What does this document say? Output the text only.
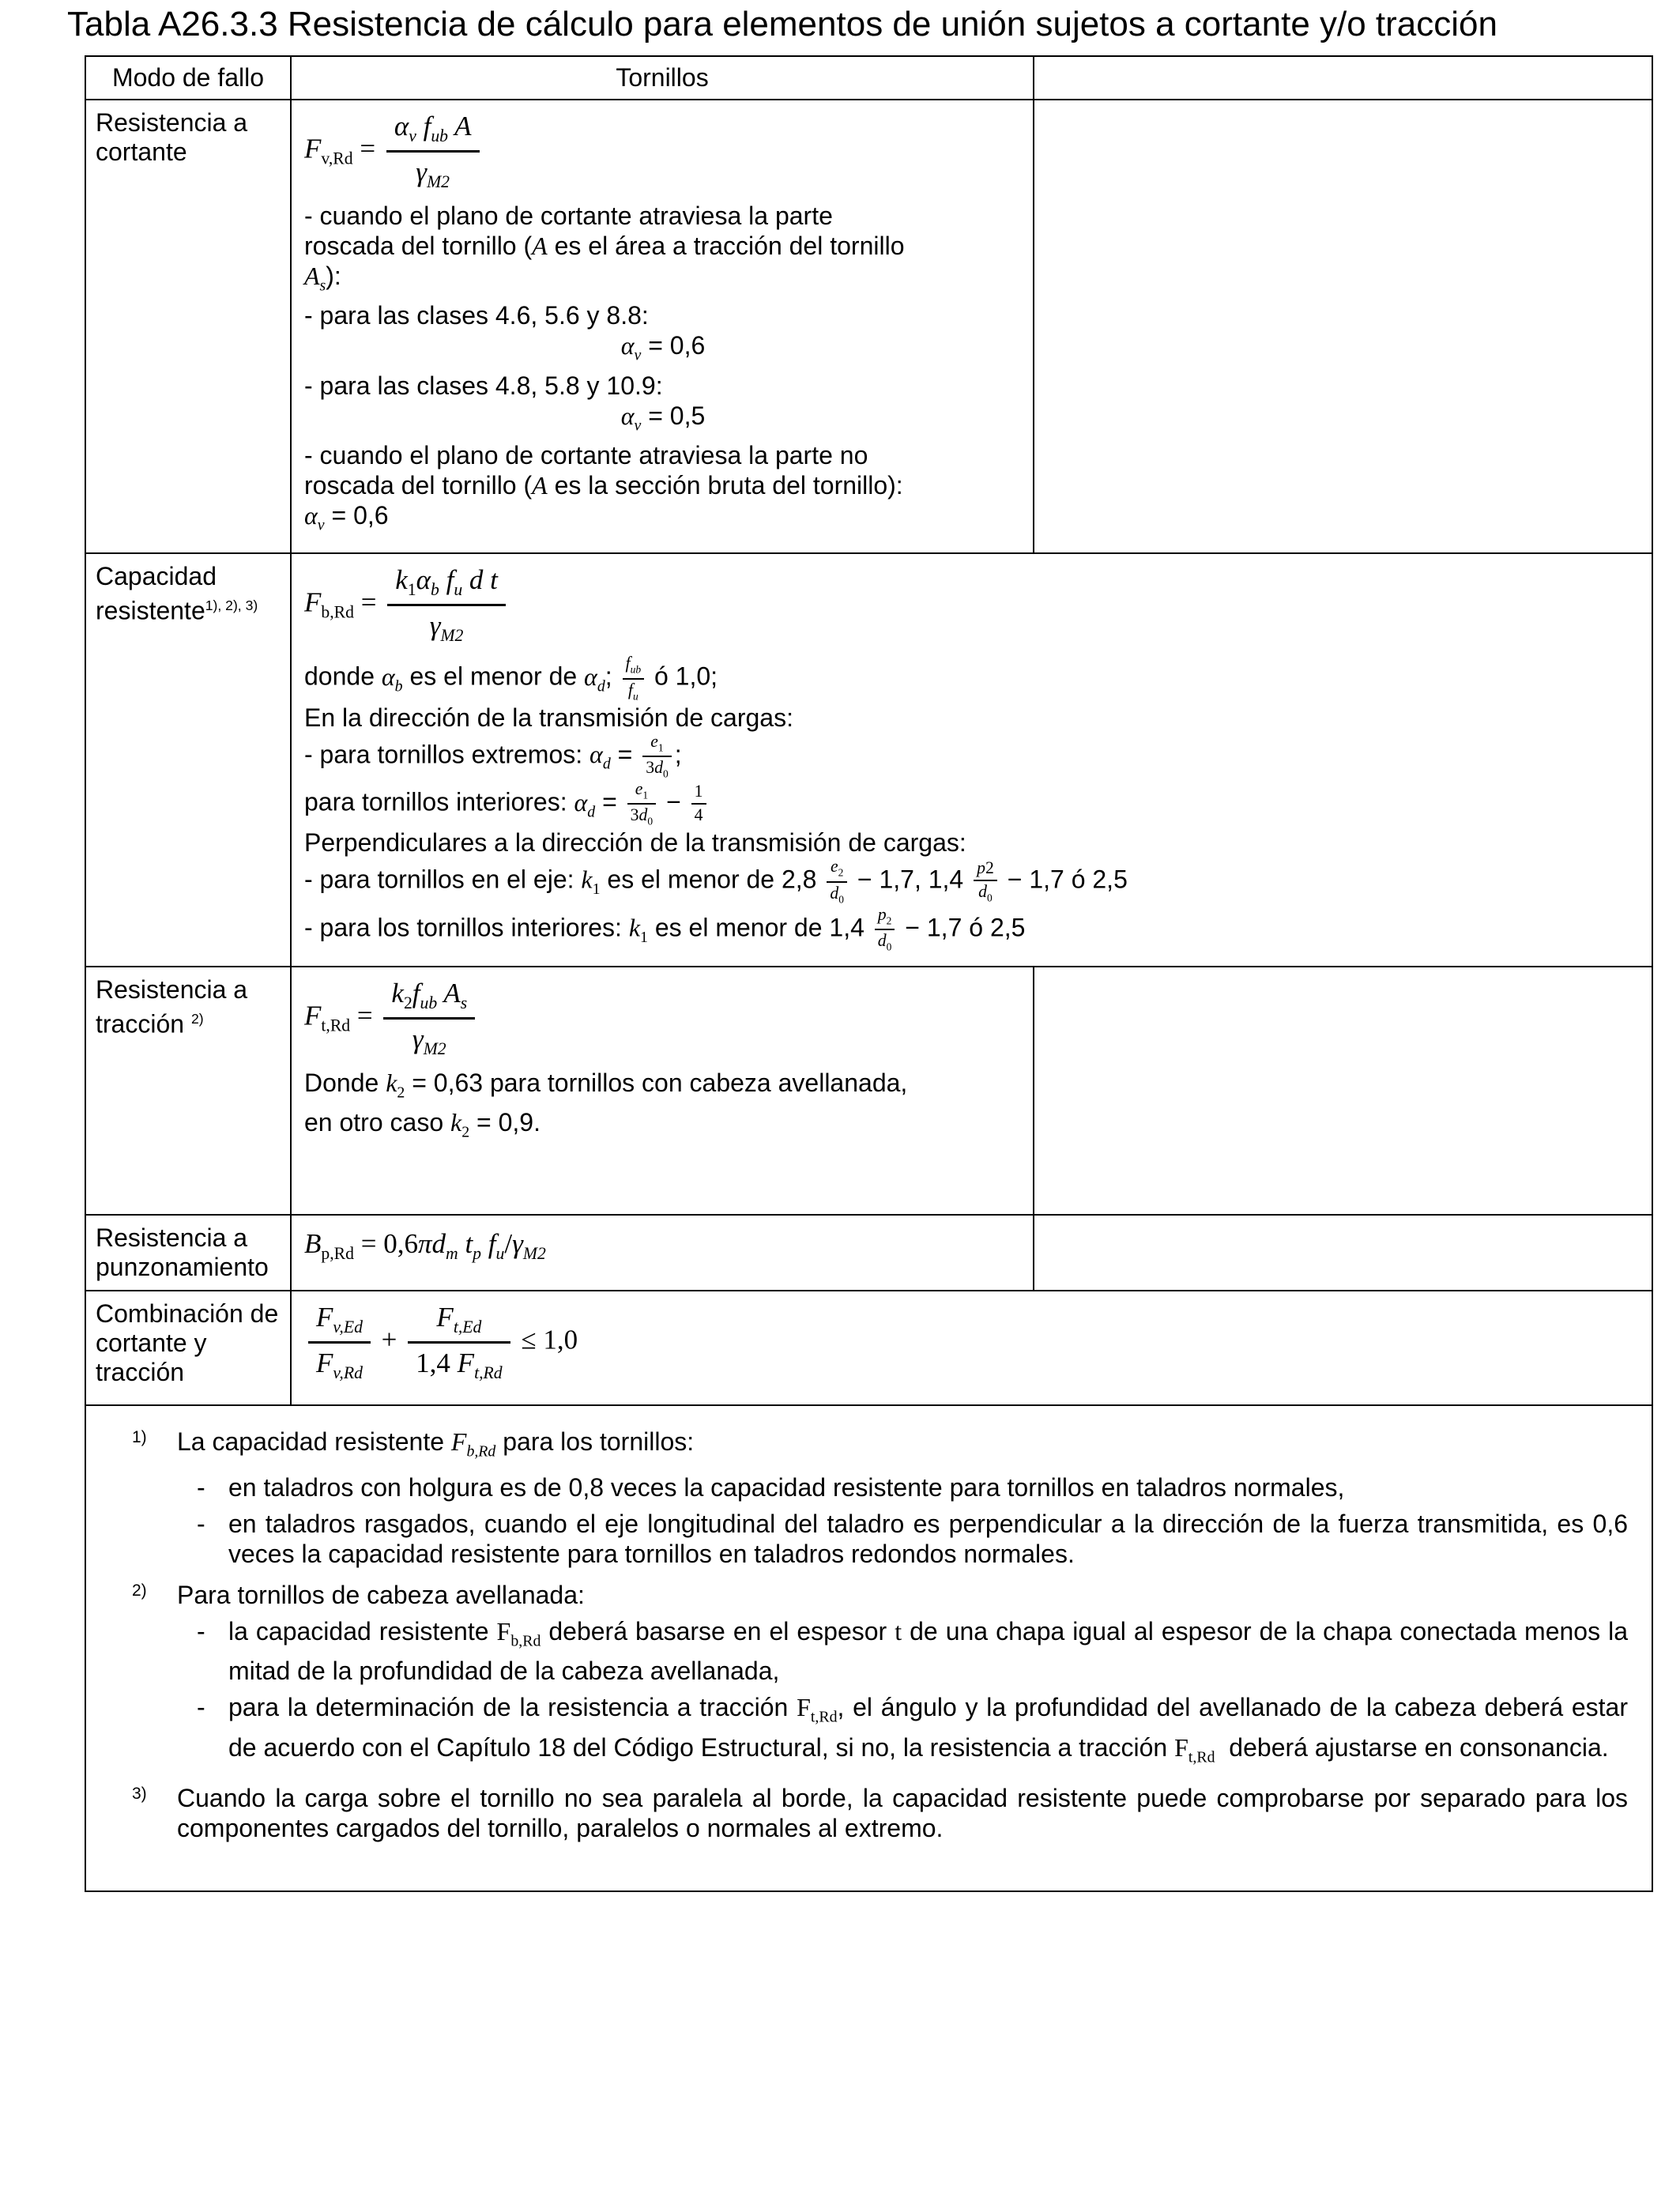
Tabla A26.3.3 Resistencia de cálculo para elementos de unión sujetos a cortante y/o tracción
Modo de fallo	Tornillos	
Resistencia a
cortante	$F_{v,Rd} = \frac{\alpha_v f_{ub} A}{\gamma_{M2}}$
- cuando el plano de cortante atraviesa la parte
roscada del tornillo (A es el área a tracción del tornillo
$A_s$):
- para las clases 4.6, 5.6 y 8.8:
$\alpha_v = 0,6$
- para las clases 4.8, 5.8 y 10.9:
$\alpha_v = 0,5$
- cuando el plano de cortante atraviesa la parte no
roscada del tornillo (A es la sección bruta del tornillo):
$\alpha_v = 0,6$

Capacidad
resistente$^{1), 2), 3)}$	$F_{b,Rd} = \frac{k_1\alpha_b f_u d t}{\gamma_{M2}}$
donde $\alpha_b$ es el menor de $\alpha_d$; $f_{ub}$
$f_u$
ó 1,0;
En la dirección de la transmisión de cargas:
- para tornillos extremos: $\alpha_d = \frac{e_1}{3d_0}$ ;
para tornillos interiores: $\alpha_d = \frac{e_1}{3d_0} - \frac{1}{4}$
Perpendiculares a la dirección de la transmisión de cargas:
- para tornillos en el eje: $k_1$ es el menor de $2,8 \frac{e_2}{d_0} - 1,7$, $1,4 \frac{p2}{d_0} - 1,7$ ó 2,5
- para los tornillos interiores: $k_1$ es el menor de $1,4 \frac{p_2}{d_0} - 1,7$ ó 2,5

Resistencia a
tracción $^{2)}$	$F_{t,Rd} = \frac{k_2f_{ub} A_s}{\gamma_{M2}}$
Donde $k_2 = 0,63$ para tornillos con cabeza avellanada,
en otro caso $k_2 = 0,9$.

Resistencia a
punzonamiento	$B_{p,Rd} = 0,6\pi d_m$ $t_p$ $f_u/\gamma_{M2}$

Combinación de
cortante y
tracción	$\frac{F_{v,Ed}}{F_{v,Rd}} + \frac{F_{t,Ed}}{1,4 F_{t,Rd}} \le 1,0$

1) La capacidad resistente $F_{b,Rd}$ para los tornillos:
- en taladros con holgura es de 0,8 veces la capacidad resistente para tornillos en taladros normales,
- en taladros rasgados, cuando el eje longitudinal del taladro es perpendicular a la dirección de la fuerza transmitida, es 0,6 veces la capacidad resistente para tornillos en taladros redondos normales.
2) Para tornillos de cabeza avellanada:
- la capacidad resistente $F_{b,Rd}$ deberá basarse en el espesor t de una chapa igual al espesor de la chapa conectada menos la mitad de la profundidad de la cabeza avellanada,
- para la determinación de la resistencia a tracción $F_{t,Rd}$, el ángulo y la profundidad del avellanado de la cabeza deberá estar de acuerdo con el Capítulo 18 del Código Estructural, si no, la resistencia a tracción $F_{t,Rd}$  deberá ajustarse en consonancia.
3) Cuando la carga sobre el tornillo no sea paralela al borde, la capacidad resistente puede comprobarse por separado para los componentes cargados del tornillo, paralelos o normales al extremo.
